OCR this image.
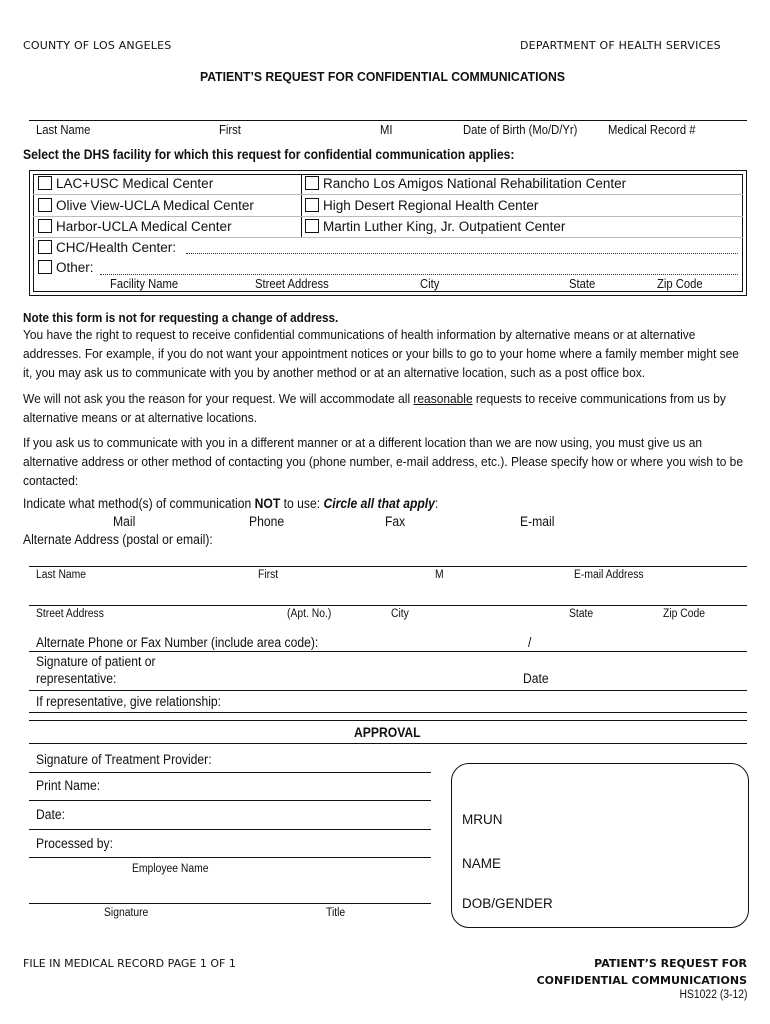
COUNTY OF LOS ANGELES	DEPARTMENT OF HEALTH SERVICES
PATIENT’S REQUEST FOR CONFIDENTIAL COMMUNICATIONS
Last Name	First	MI	Date of Birth (Mo/D/Yr) Medical Record #
Select the DHS facility for which this request for confidential communication applies:
LAC+USC Medical Center
Olive View-UCLA Medical Center
Harbor-UCLA Medical Center
Rancho Los Amigos National Rehabilitation Center
High Desert Regional Health Center
Martin Luther King, Jr. Outpatient Center
CHC/Health Center:
Other:
Facility Name	Street Address	City	State	Zip Code
Note this form is not for requesting a change of address.
You have the right to request to receive confidential communications of health information by alternative means or at alternative addresses. For example, if you do not want your appointment notices or your bills to go to your home where a family member might see it, you may ask us to communicate with you by another method or at an alternative location, such as a post office box.
We will not ask you the reason for your request. We will accommodate all reasonable requests to receive communications from us by alternative means or at alternative locations.
If you ask us to communicate with you in a different manner or at a different location than we are now using, you must give us an alternative address or other method of contacting you (phone number, e-mail address, etc.). Please specify how or where you wish to be contacted:
Indicate what method(s) of communication NOT to use: Circle all that apply:
Mail	Phone	Fax	E-mail
Alternate Address (postal or email):
Last Name	First	M	E-mail Address
Street Address	(Apt. No.)	City	State	Zip Code
Alternate Phone or Fax Number (include area code):	/
Signature of patient or
representative:	Date
If representative, give relationship:
APPROVAL
Signature of Treatment Provider:
Print Name:
Date:
Processed by:
Employee Name
Signature	Title
MRUN
NAME
DOB/GENDER
FILE IN MEDICAL RECORD PAGE 1 OF 1	PATIENT’S REQUEST FOR
CONFIDENTIAL COMMUNICATIONS
HS1022 (3-12)
